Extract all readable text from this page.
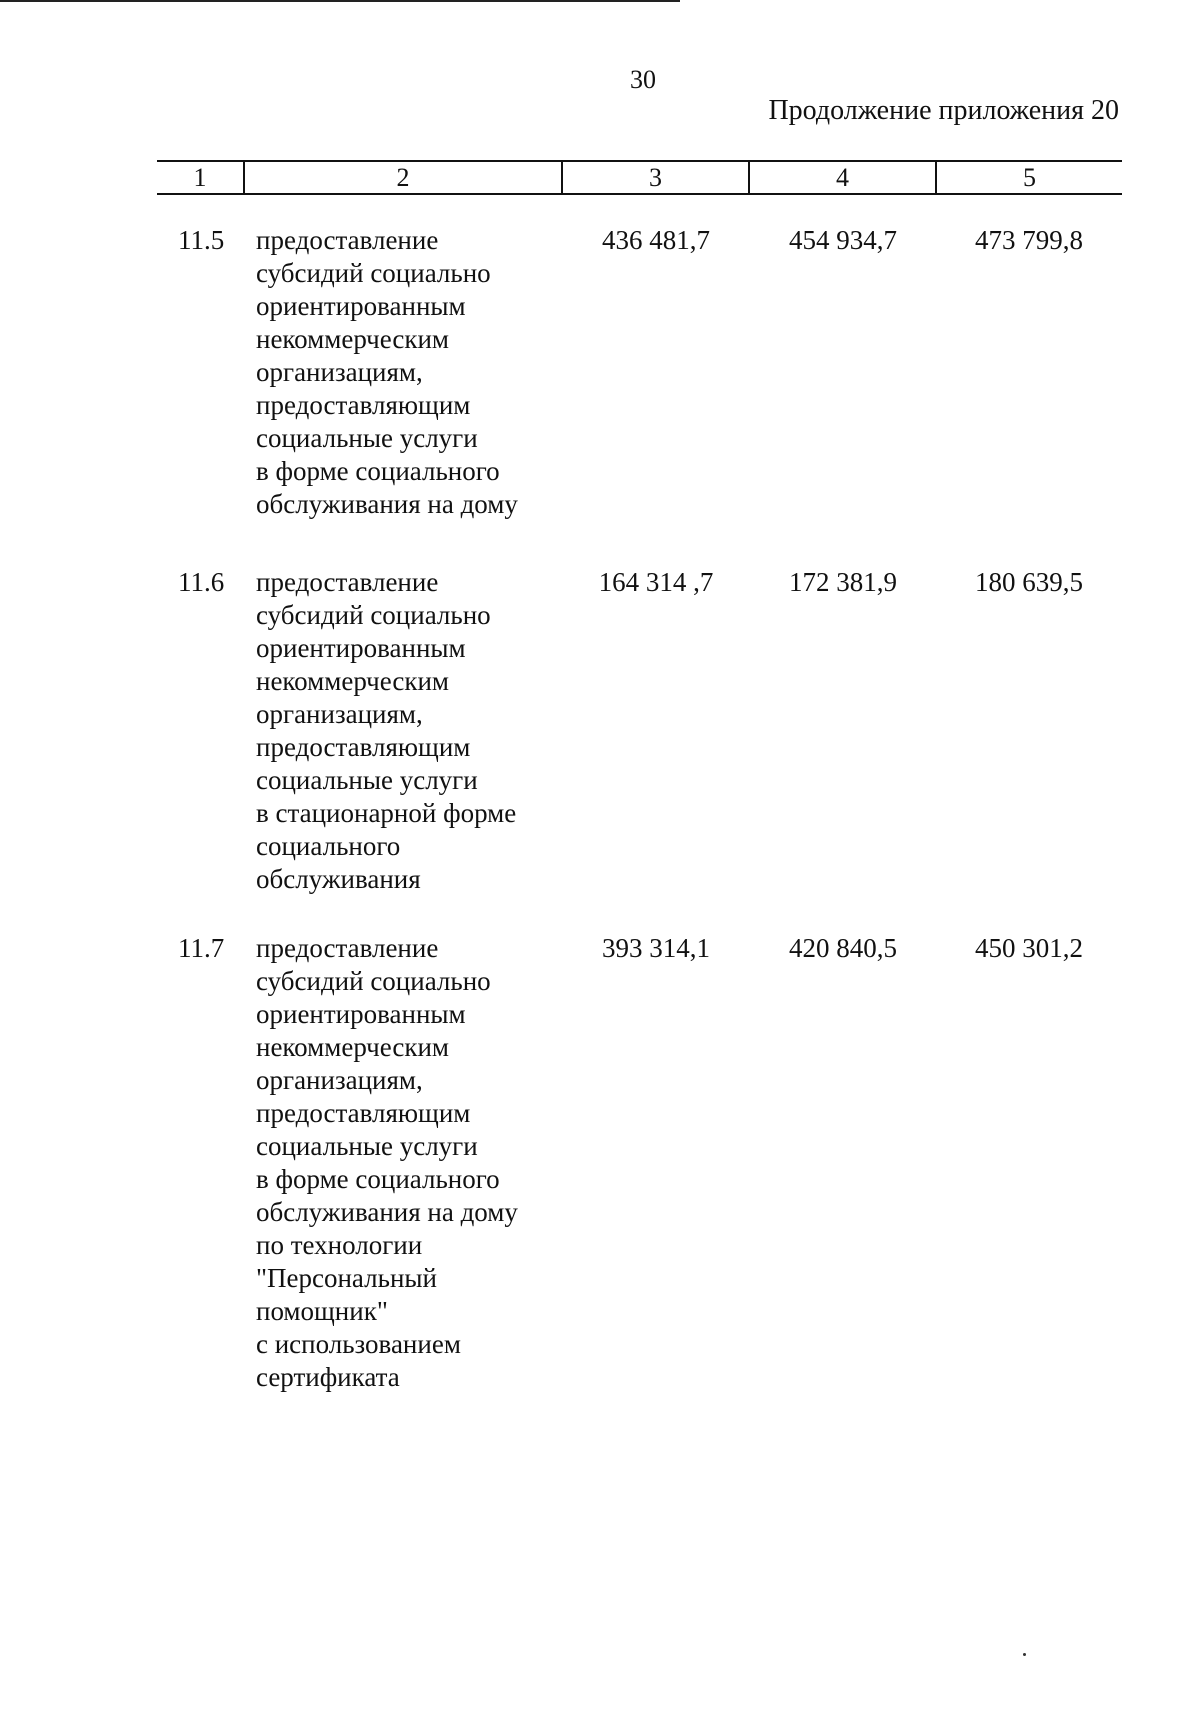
30
Продолжение приложения 20
1	2	3	4	5
11.5 предоставление
субсидий социально
ориентированным
некоммерческим
организациям,
предоставляющим
социальные услуги
в форме социального
обслуживания на дому
436 481,7	454 934,7	473 799,8
11.6 предоставление
субсидий социально
ориентированным
некоммерческим
организациям,
предоставляющим
социальные услуги
в стационарной форме
социального
обслуживания
164 314 ,7	172 381,9	180 639,5
11.7 предоставление
субсидий социально
ориентированным
некоммерческим
организациям,
предоставляющим
социальные услуги
в форме социального
обслуживания на дому
по технологии
"Персональный
помощник"
с использованием
сертификата
393 314,1	420 840,5	450 301,2
